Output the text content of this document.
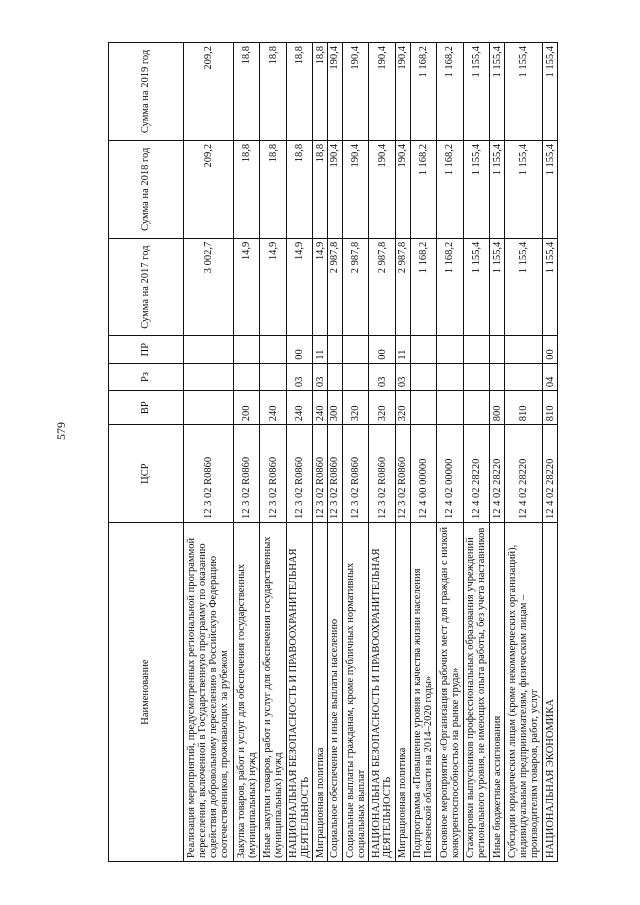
579
Наименование	ЦСР	ВР	Рз	ПР	Сумма на 2017 год	Сумма на 2018 год	Сумма на 2019 год
Реализация мероприятий, предусмотренных региональной программой переселения, включенной в Государственную программу по оказанию содействия добровольному переселению в Российскую Федерацию соотечественников, проживающих за рубежом	12 3 02 R0860				3 002,7	209,2	209,2
Закупка товаров, работ и услуг для обеспечения государственных (муниципальных) нужд	12 3 02 R0860	200			14,9	18,8	18,8
Иные закупки товаров, работ и услуг для обеспечения государственных (муниципальных) нужд	12 3 02 R0860	240			14,9	18,8	18,8
НАЦИОНАЛЬНАЯ БЕЗОПАСНОСТЬ И ПРАВООХРАНИТЕЛЬНАЯ ДЕЯТЕЛЬНОСТЬ	12 3 02 R0860	240	03	00	14,9	18,8	18,8
Миграционная политика	12 3 02 R0860	240	03	11	14,9	18,8	18,8
Социальное обеспечение и иные выплаты населению	12 3 02 R0860	300			2 987,8	190,4	190,4
Социальные выплаты гражданам, кроме публичных нормативных социальных выплат	12 3 02 R0860	320			2 987,8	190,4	190,4
НАЦИОНАЛЬНАЯ БЕЗОПАСНОСТЬ И ПРАВООХРАНИТЕЛЬНАЯ ДЕЯТЕЛЬНОСТЬ	12 3 02 R0860	320	03	00	2 987,8	190,4	190,4
Миграционная политика	12 3 02 R0860	320	03	11	2 987,8	190,4	190,4
Подпрограмма «Повышение уровня и качества жизни населения Пензенской области на 2014–2020 годы»	12 4 00 00000				1 168,2	1 168,2	1 168,2
Основное мероприятие «Организация рабочих мест для граждан с низкой конкурентоспособностью на рынке труда»	12 4 02 00000				1 168,2	1 168,2	1 168,2
Стажировки выпускников профессиональных образования учреждений регионального уровня, не имеющих опыта работы, без учета наставников	12 4 02 28220				1 155,4	1 155,4	1 155,4
Иные бюджетные ассигнования	12 4 02 28220	800			1 155,4	1 155,4	1 155,4
Субсидии юридическим лицам (кроме некоммерческих организаций), индивидуальным предпринимателям, физическим лицам – производителям товаров, работ, услуг	12 4 02 28220	810			1 155,4	1 155,4	1 155,4
НАЦИОНАЛЬНАЯ ЭКОНОМИКА	12 4 02 28220	810	04	00	1 155,4	1 155,4	1 155,4
